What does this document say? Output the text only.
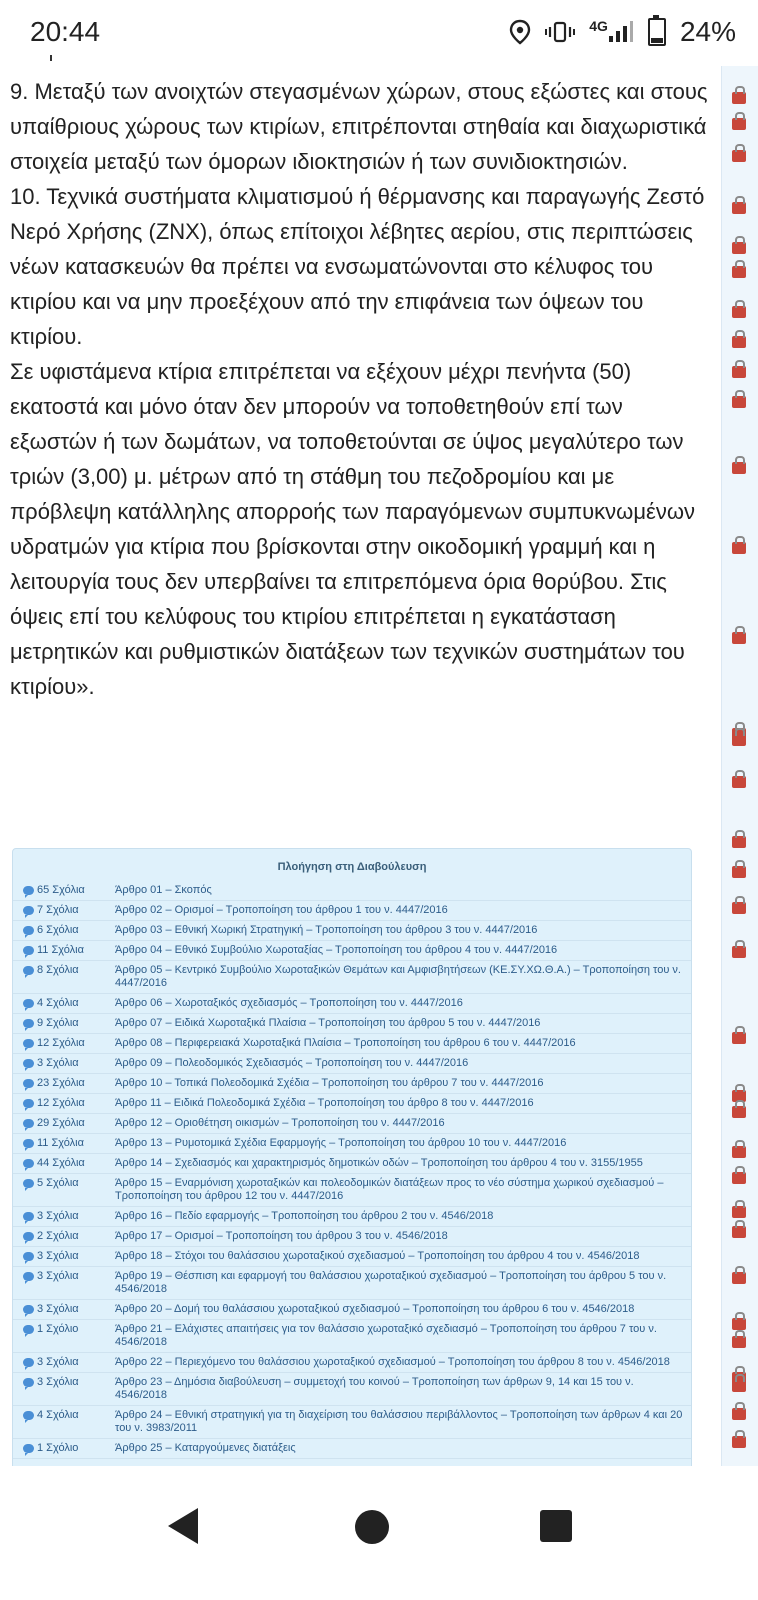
20:44	4G	24%

9. Μεταξύ των ανοιχτών στεγασμένων χώρων, στους εξώστες και στους υπαίθριους χώρους των κτιρίων, επιτρέπονται στηθαία και διαχωριστικά στοιχεία μεταξύ των όμορων ιδιοκτησιών ή των συνιδιοκτησιών.

10. Τεχνικά συστήματα κλιματισμού ή θέρμανσης και παραγωγής Ζεστό Νερό Χρήσης (ΖΝΧ), όπως επίτοιχοι λέβητες αερίου, στις περιπτώσεις νέων κατασκευών θα πρέπει να ενσωματώνονται στο κέλυφος του κτιρίου και να μην προεξέχουν από την επιφάνεια των όψεων του κτιρίου.

Σε υφιστάμενα κτίρια επιτρέπεται να εξέχουν μέχρι πενήντα (50) εκατοστά και μόνο όταν δεν μπορούν να τοποθετηθούν επί των εξωστών ή των δωμάτων, να τοποθετούνται σε ύψος μεγαλύτερο των τριών (3,00) μ. μέτρων από τη στάθμη του πεζοδρομίου και με πρόβλεψη κατάλληλης απορροής των παραγόμενων συμπυκνωμένων υδρατμών για κτίρια που βρίσκονται στην οικοδομική γραμμή και η λειτουργία τους δεν υπερβαίνει τα επιτρεπόμενα όρια θορύβου. Στις όψεις επί του κελύφους του κτιρίου επιτρέπεται η εγκατάσταση μετρητικών και ρυθμιστικών διατάξεων των τεχνικών συστημάτων του κτιρίου».

Πλοήγηση στη Διαβούλευση
65 Σχόλια	Άρθρο 01 – Σκοπός
7 Σχόλια	Άρθρο 02 – Ορισμοί – Τροποποίηση του άρθρου 1 του ν. 4447/2016
6 Σχόλια	Άρθρο 03 – Εθνική Χωρική Στρατηγική – Τροποποίηση του άρθρου 3 του ν. 4447/2016
11 Σχόλια	Άρθρο 04 – Εθνικό Συμβούλιο Χωροταξίας – Τροποποίηση του άρθρου 4 του ν. 4447/2016
8 Σχόλια	Άρθρο 05 – Κεντρικό Συμβούλιο Χωροταξικών Θεμάτων και Αμφισβητήσεων (ΚΕ.ΣΥ.ΧΩ.Θ.Α.) – Τροποποίηση του ν. 4447/2016
4 Σχόλια	Άρθρο 06 – Χωροταξικός σχεδιασμός – Τροποποίηση του ν. 4447/2016
9 Σχόλια	Άρθρο 07 – Ειδικά Χωροταξικά Πλαίσια – Τροποποίηση του άρθρου 5 του ν. 4447/2016
12 Σχόλια	Άρθρο 08 – Περιφερειακά Χωροταξικά Πλαίσια – Τροποποίηση του άρθρου 6 του ν. 4447/2016
3 Σχόλια	Άρθρο 09 – Πολεοδομικός Σχεδιασμός – Τροποποίηση του ν. 4447/2016
23 Σχόλια	Άρθρο 10 – Τοπικά Πολεοδομικά Σχέδια – Τροποποίηση του άρθρου 7 του ν. 4447/2016
12 Σχόλια	Άρθρο 11 – Ειδικά Πολεοδομικά Σχέδια – Τροποποίηση του άρθρο 8 του ν. 4447/2016
29 Σχόλια	Άρθρο 12 – Οριοθέτηση οικισμών – Τροποποίηση του ν. 4447/2016
11 Σχόλια	Άρθρο 13 – Ρυμοτομικά Σχέδια Εφαρμογής – Τροποποίηση του άρθρου 10 του ν. 4447/2016
44 Σχόλια	Άρθρο 14 – Σχεδιασμός και χαρακτηρισμός δημοτικών οδών – Τροποποίηση του άρθρου 4 του ν. 3155/1955
5 Σχόλια	Άρθρο 15 – Εναρμόνιση χωροταξικών και πολεοδομικών διατάξεων προς το νέο σύστημα χωρικού σχεδιασμού – Τροποποίηση του άρθρου 12 του ν. 4447/2016
3 Σχόλια	Άρθρο 16 – Πεδίο εφαρμογής – Τροποποίηση του άρθρου 2 του ν. 4546/2018
2 Σχόλια	Άρθρο 17 – Ορισμοί – Τροποποίηση του άρθρου 3 του ν. 4546/2018
3 Σχόλια	Άρθρο 18 – Στόχοι του θαλάσσιου χωροταξικού σχεδιασμού – Τροποποίηση του άρθρου 4 του ν. 4546/2018
3 Σχόλια	Άρθρο 19 – Θέσπιση και εφαρμογή του θαλάσσιου χωροταξικού σχεδιασμού – Τροποποίηση του άρθρου 5 του ν. 4546/2018
3 Σχόλια	Άρθρο 20 – Δομή του θαλάσσιου χωροταξικού σχεδιασμού – Τροποποίηση του άρθρου 6 του ν. 4546/2018
1 Σχόλιο	Άρθρο 21 – Ελάχιστες απαιτήσεις για τον θαλάσσιο χωροταξικό σχεδιασμό – Τροποποίηση του άρθρου 7 του ν. 4546/2018
3 Σχόλια	Άρθρο 22 – Περιεχόμενο του θαλάσσιου χωροταξικού σχεδιασμού – Τροποποίηση του άρθρου 8 του ν. 4546/2018
3 Σχόλια	Άρθρο 23 – Δημόσια διαβούλευση – συμμετοχή του κοινού – Τροποποίηση των άρθρων 9, 14 και 15 του ν. 4546/2018
4 Σχόλια	Άρθρο 24 – Εθνική στρατηγική για τη διαχείριση του θαλάσσιου περιβάλλοντος – Τροποποίηση των άρθρων 4 και 20 του ν. 3983/2011
1 Σχόλιο	Άρθρο 25 – Καταργούμενες διατάξεις
